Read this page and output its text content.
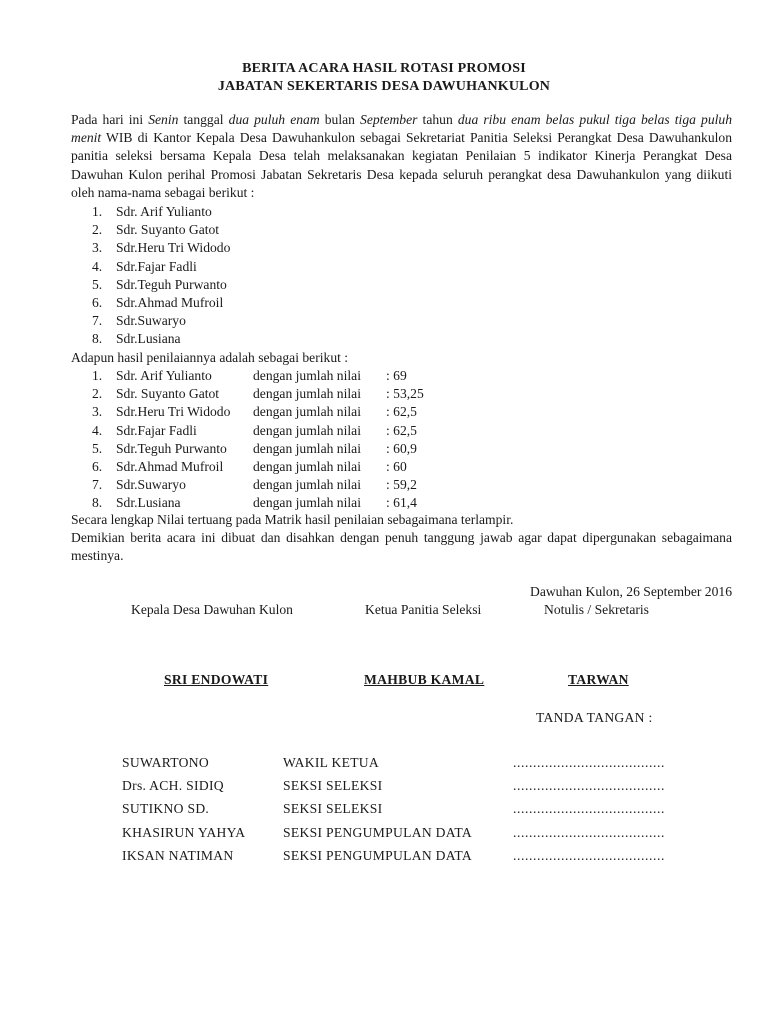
BERITA ACARA HASIL ROTASI PROMOSI
JABATAN SEKERTARIS DESA DAWUHANKULON
Pada hari ini Senin tanggal dua puluh enam bulan September tahun dua ribu enam belas pukul tiga belas tiga puluh menit WIB di Kantor Kepala Desa Dawuhankulon sebagai Sekretariat Panitia Seleksi Perangkat Desa Dawuhankulon panitia seleksi bersama Kepala Desa telah melaksanakan kegiatan Penilaian 5 indikator Kinerja Perangkat Desa Dawuhan Kulon perihal Promosi Jabatan Sekretaris Desa kepada seluruh perangkat desa Dawuhankulon yang diikuti oleh nama-nama sebagai berikut :
1. Sdr. Arif Yulianto
2. Sdr. Suyanto Gatot
3. Sdr.Heru Tri Widodo
4. Sdr.Fajar Fadli
5. Sdr.Teguh Purwanto
6. Sdr.Ahmad Mufroil
7. Sdr.Suwaryo
8. Sdr.Lusiana
Adapun hasil penilaiannya adalah sebagai berikut :
1. Sdr. Arif Yulianto	dengan jumlah nilai : 69
2. Sdr. Suyanto Gatot dengan jumlah nilai : 53,25
3. Sdr.Heru Tri Widodo dengan jumlah nilai : 62,5
4. Sdr.Fajar Fadli	dengan jumlah nilai : 62,5
5. Sdr.Teguh Purwanto dengan jumlah nilai : 60,9
6. Sdr.Ahmad Mufroil dengan jumlah nilai : 60
7. Sdr.Suwaryo	dengan jumlah nilai : 59,2
8. Sdr.Lusiana	dengan jumlah nilai : 61,4
Secara lengkap Nilai tertuang pada Matrik hasil penilaian sebagaimana terlampir.
Demikian berita acara ini dibuat dan disahkan dengan penuh tanggung jawab agar dapat dipergunakan sebagaimana mestinya.
Dawuhan Kulon, 26 September 2016
Kepala Desa Dawuhan Kulon	Ketua Panitia Seleksi	Notulis / Sekretaris
SRI ENDOWATI	MAHBUB KAMAL	TARWAN
TANDA TANGAN :
SUWARTONO	WAKIL KETUA	......................................
Drs. ACH. SIDIQ	SEKSI SELEKSI	......................................
SUTIKNO SD.	SEKSI SELEKSI	......................................
KHASIRUN YAHYA	SEKSI PENGUMPULAN DATA	......................................
IKSAN NATIMAN	SEKSI PENGUMPULAN DATA	......................................
